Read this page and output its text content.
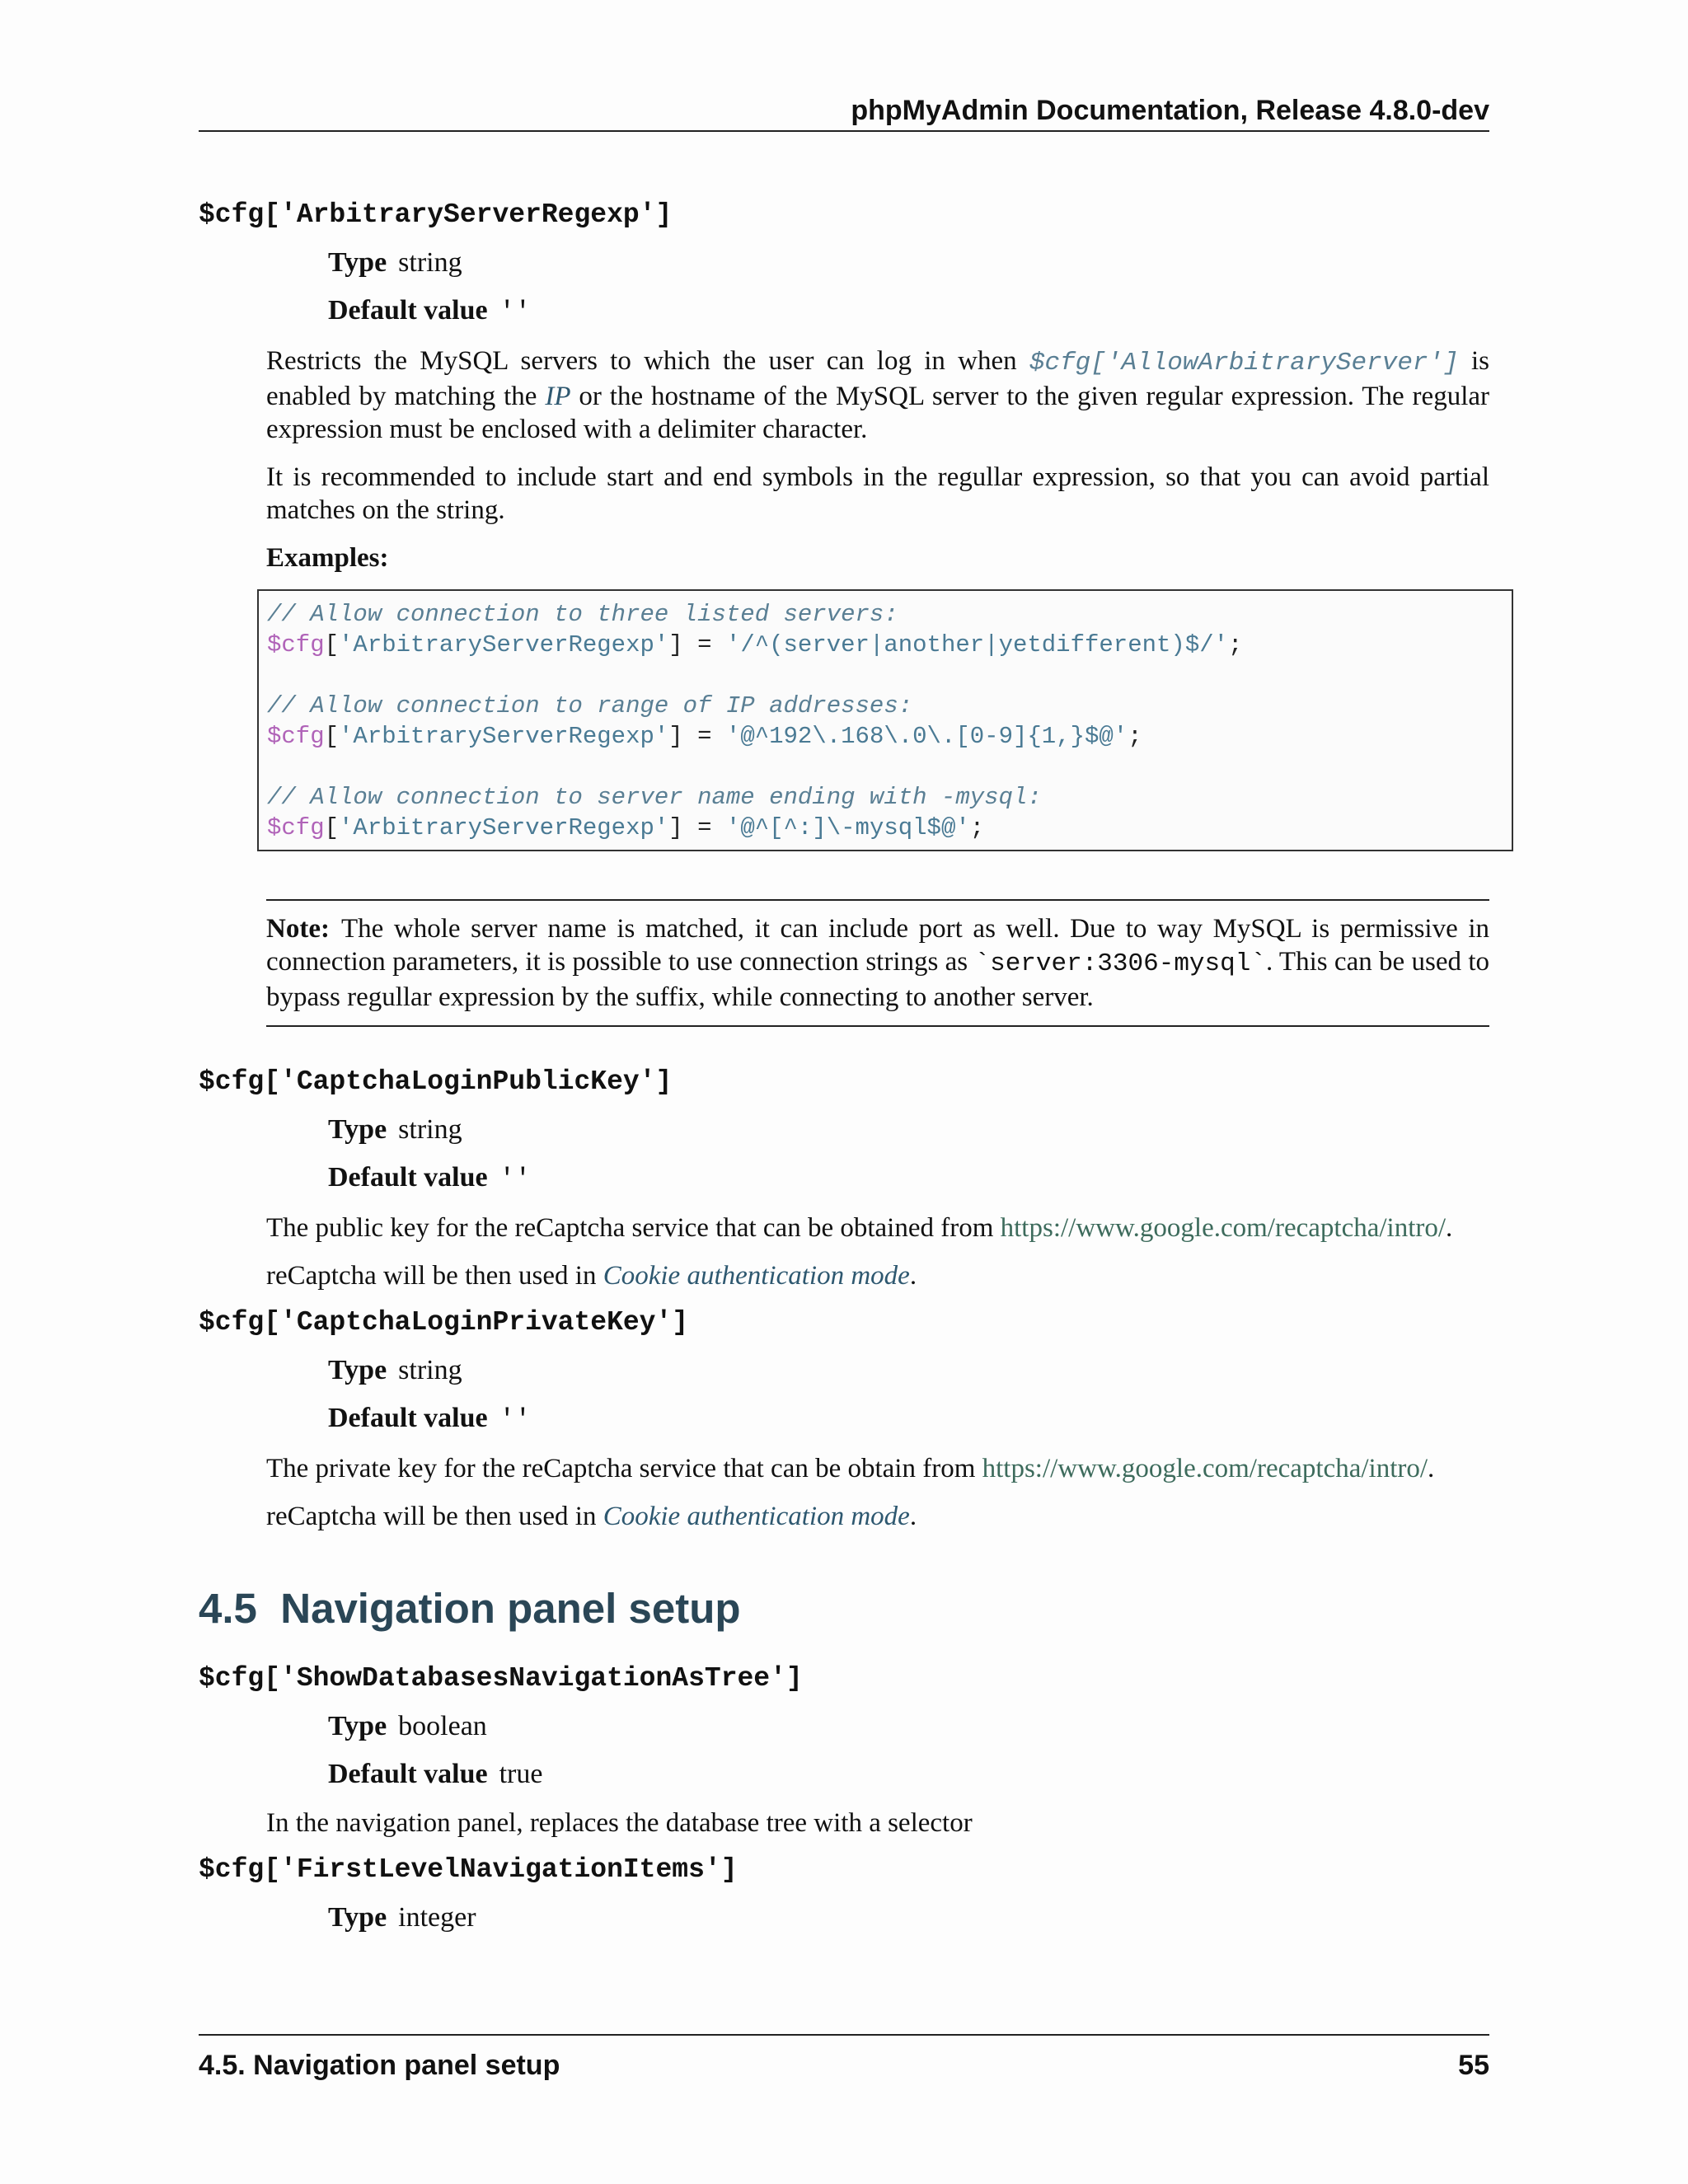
phpMyAdmin Documentation, Release 4.8.0-dev
$cfg['ArbitraryServerRegexp']
Type string
Default value ''

Restricts the MySQL servers to which the user can log in when $cfg['AllowArbitraryServer'] is enabled by matching the IP or the hostname of the MySQL server to the given regular expression. The regular expression must be enclosed with a delimiter character.

It is recommended to include start and end symbols in the regullar expression, so that you can avoid partial matches on the string.

Examples:
// Allow connection to three listed servers:
$cfg['ArbitraryServerRegexp'] = '/^(server|another|yetdifferent)$/';

// Allow connection to range of IP addresses:
$cfg['ArbitraryServerRegexp'] = '@^192\.168\.0\.[0-9]{1,}$@';

// Allow connection to server name ending with -mysql:
$cfg['ArbitraryServerRegexp'] = '@^[^:]\-mysql$@';
Note: The whole server name is matched, it can include port as well. Due to way MySQL is permissive in connection parameters, it is possible to use connection strings as `server:3306-mysql`. This can be used to bypass regullar expression by the suffix, while connecting to another server.
$cfg['CaptchaLoginPublicKey']
Type string
Default value ''

The public key for the reCaptcha service that can be obtained from https://www.google.com/recaptcha/intro/.

reCaptcha will be then used in Cookie authentication mode.

$cfg['CaptchaLoginPrivateKey']
Type string
Default value ''

The private key for the reCaptcha service that can be obtain from https://www.google.com/recaptcha/intro/.

reCaptcha will be then used in Cookie authentication mode.

4.5 Navigation panel setup
$cfg['ShowDatabasesNavigationAsTree']
Type boolean
Default value true

In the navigation panel, replaces the database tree with a selector

$cfg['FirstLevelNavigationItems']
Type integer
4.5. Navigation panel setup	55
